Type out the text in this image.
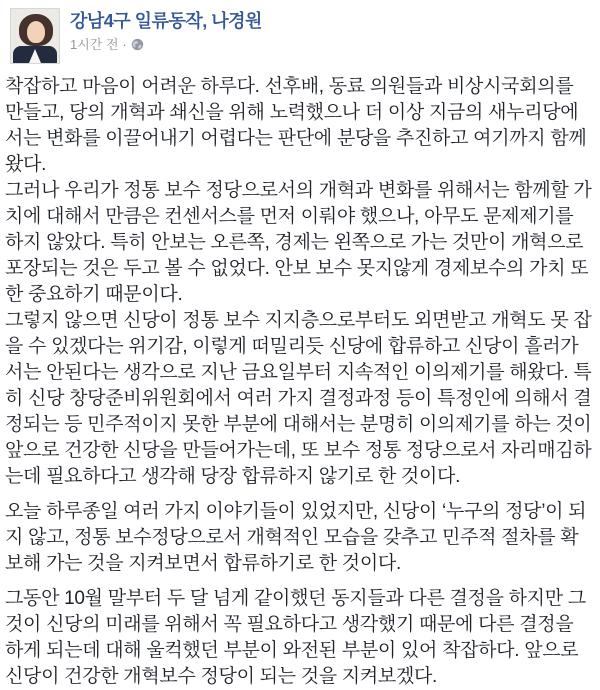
강남4구 일류동작, 나경원
1시간 전 ·

착잡하고 마음이 어려운 하루다. 선후배, 동료 의원들과 비상시국회의를 만들고, 당의 개혁과 쇄신을 위해 노력했으나 더 이상 지금의 새누리당에서는 변화를 이끌어내기 어렵다는 판단에 분당을 추진하고 여기까지 함께 왔다.

그러나 우리가 정통 보수 정당으로서의 개혁과 변화를 위해서는 함께할 가치에 대해서 만큼은 컨센서스를 먼저 이뤄야 했으나, 아무도 문제제기를 하지 않았다. 특히 안보는 오른쪽, 경제는 왼쪽으로 가는 것만이 개혁으로 포장되는 것은 두고 볼 수 없었다. 안보 보수 못지않게 경제보수의 가치 또한 중요하기 때문이다.

그렇지 않으면 신당이 정통 보수 지지층으로부터도 외면받고 개혁도 못 잡을 수 있겠다는 위기감, 이렇게 떠밀리듯 신당에 합류하고 신당이 흘러가서는 안된다는 생각으로 지난 금요일부터 지속적인 이의제기를 해왔다. 특히 신당 창당준비위원회에서 여러 가지 결정과정 등이 특정인에 의해서 결정되는 등 민주적이지 못한 부분에 대해서는 분명히 이의제기를 하는 것이 앞으로 건강한 신당을 만들어가는데, 또 보수 정통 정당으로서 자리매김하는데 필요하다고 생각해 당장 합류하지 않기로 한 것이다.

오늘 하루종일 여러 가지 이야기들이 있었지만, 신당이 ‘누구의 정당’이 되지 않고, 정통 보수정당으로서 개혁적인 모습을 갖추고 민주적 절차를 확보해 가는 것을 지켜보면서 합류하기로 한 것이다.

그동안 10월 말부터 두 달 넘게 같이했던 동지들과 다른 결정을 하지만 그것이 신당의 미래를 위해서 꼭 필요하다고 생각했기 때문에 다른 결정을 하게 되는데 대해 울컥했던 부분이 와전된 부분이 있어 착잡하다. 앞으로 신당이 건강한 개혁보수 정당이 되는 것을 지켜보겠다.
